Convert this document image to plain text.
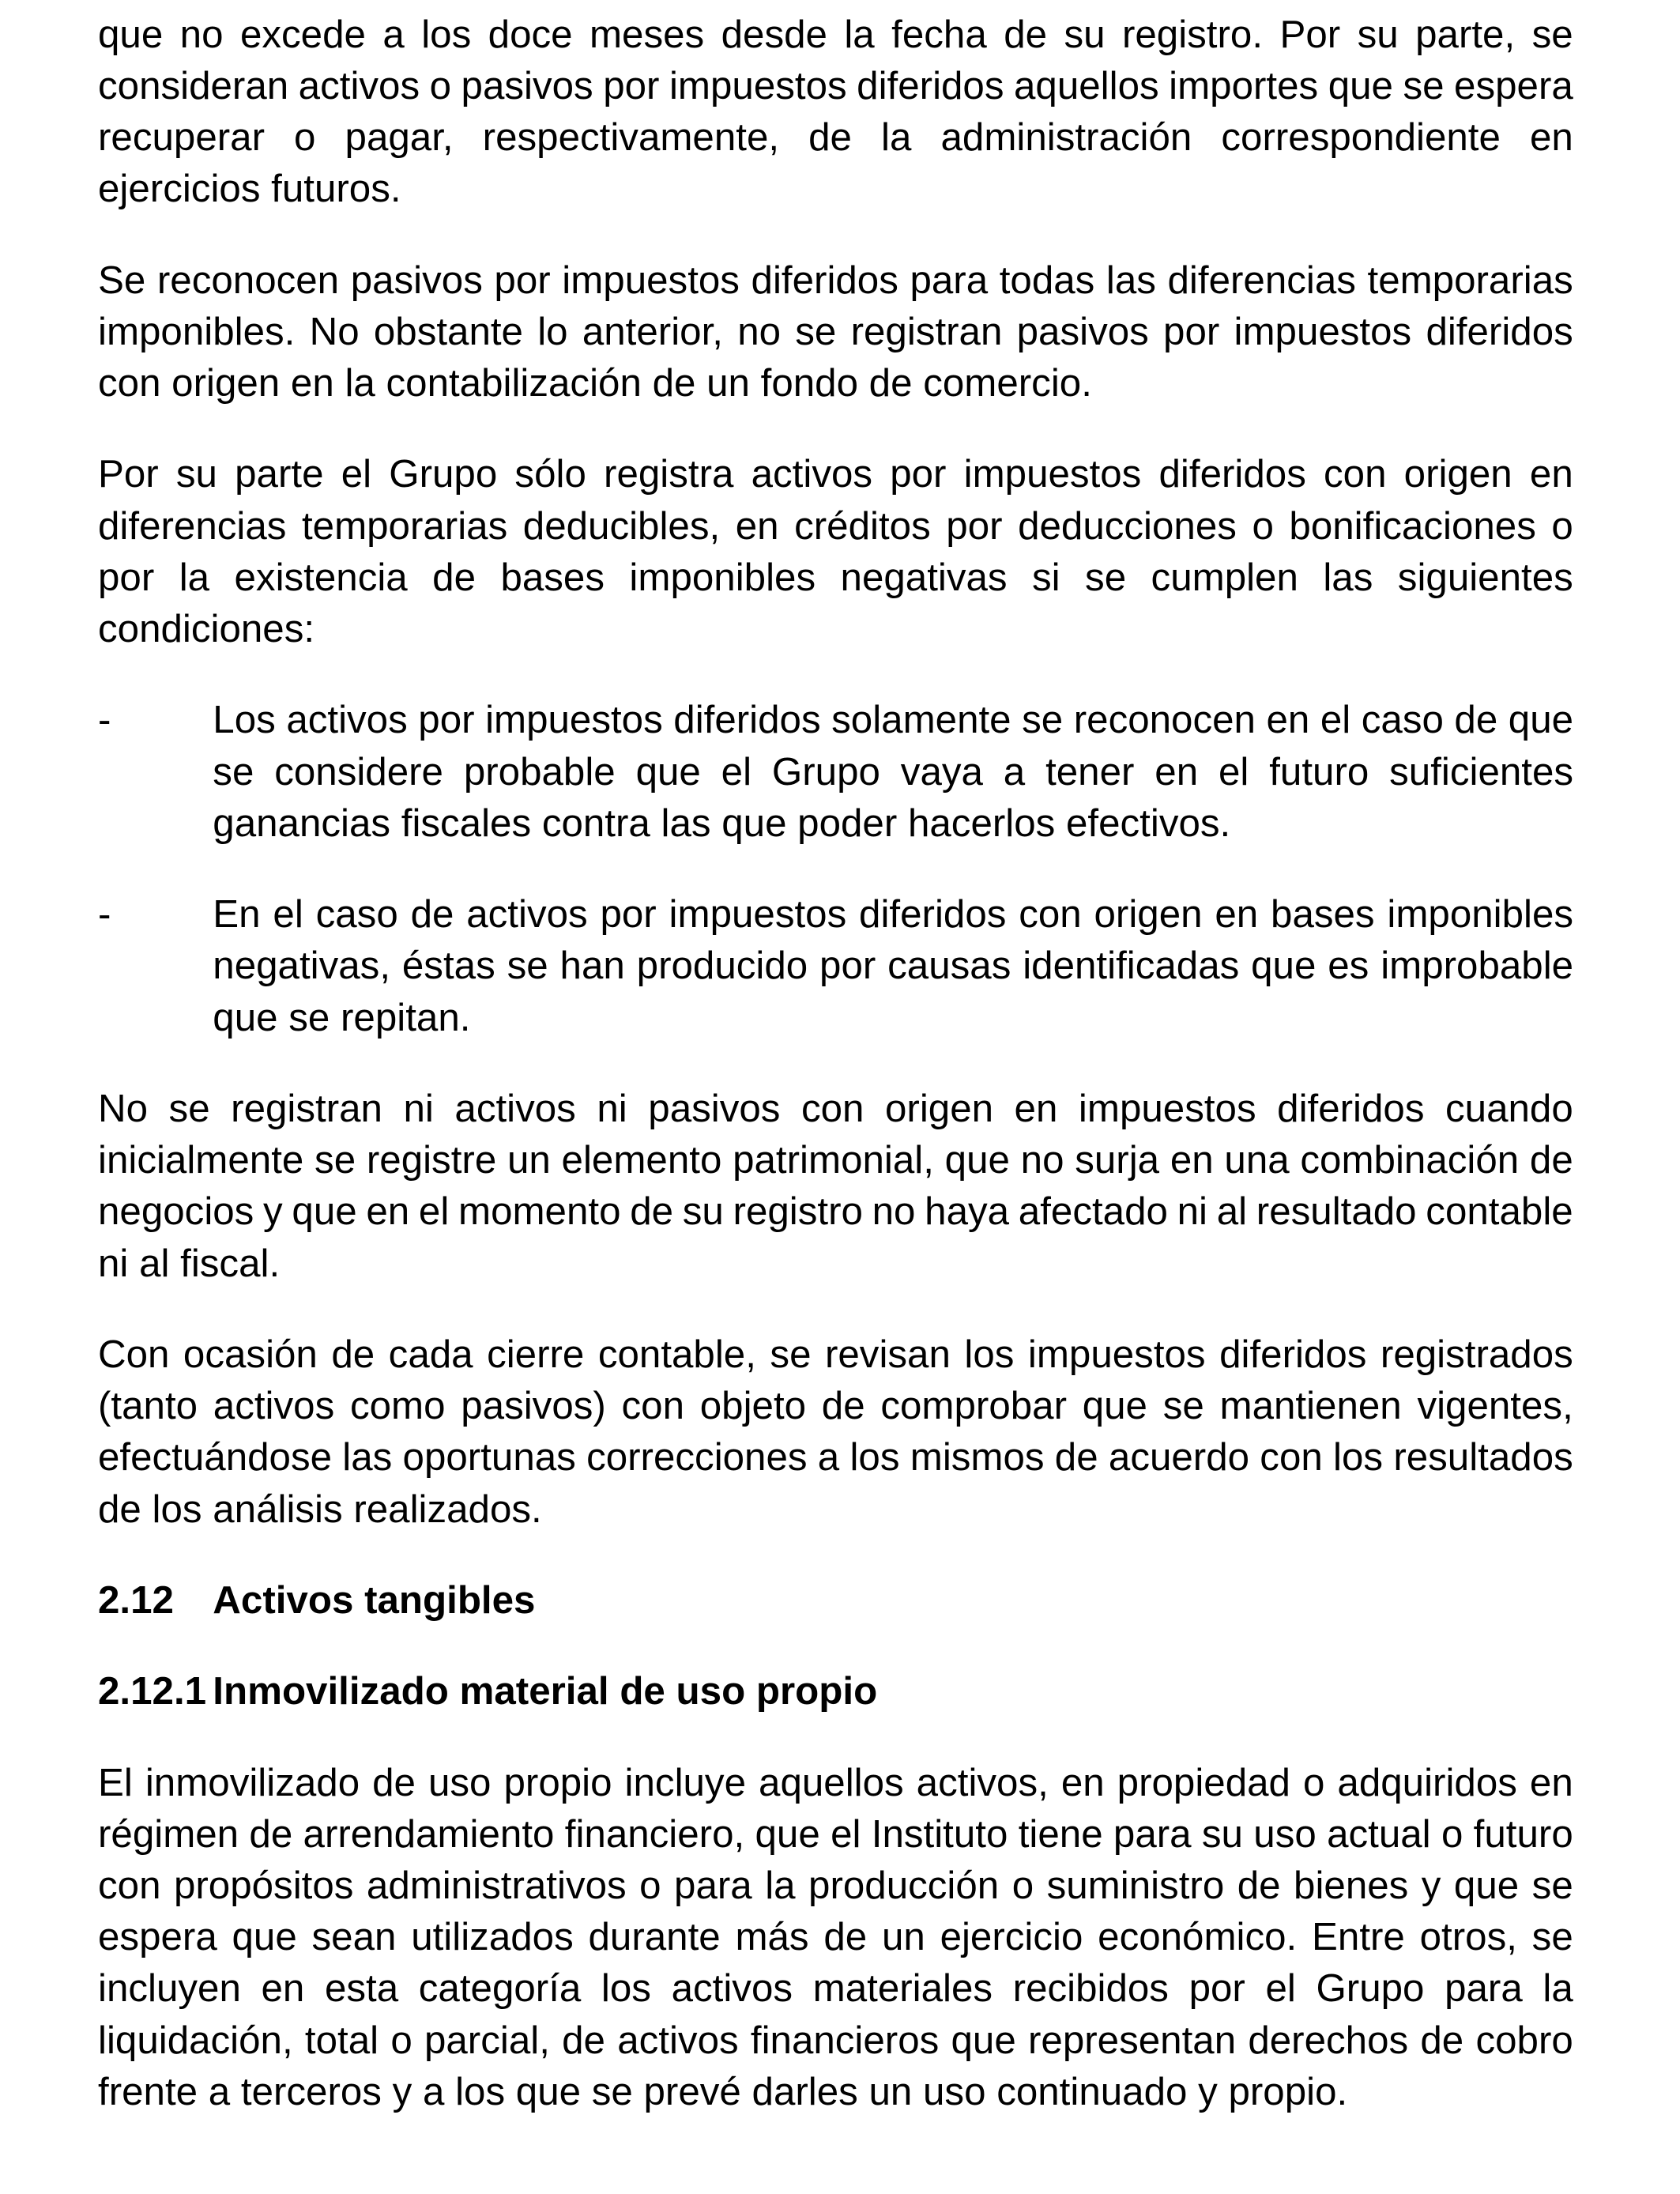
que no excede a los doce meses desde la fecha de su registro. Por su parte, se
consideran activos o pasivos por impuestos diferidos aquellos importes que se espera
recuperar o pagar, respectivamente, de la administración correspondiente en
ejercicios futuros.
Se reconocen pasivos por impuestos diferidos para todas las diferencias temporarias
imponibles. No obstante lo anterior, no se registran pasivos por impuestos diferidos
con origen en la contabilización de un fondo de comercio.
Por su parte el Grupo sólo registra activos por impuestos diferidos con origen en
diferencias temporarias deducibles, en créditos por deducciones o bonificaciones o
por la existencia de bases imponibles negativas si se cumplen las siguientes
condiciones:
-	Los activos por impuestos diferidos solamente se reconocen en el caso de que
se considere probable que el Grupo vaya a tener en el futuro suficientes
ganancias fiscales contra las que poder hacerlos efectivos.
-	En el caso de activos por impuestos diferidos con origen en bases imponibles
negativas, éstas se han producido por causas identificadas que es improbable
que se repitan.
No se registran ni activos ni pasivos con origen en impuestos diferidos cuando
inicialmente se registre un elemento patrimonial, que no surja en una combinación de
negocios y que en el momento de su registro no haya afectado ni al resultado contable
ni al fiscal.
Con ocasión de cada cierre contable, se revisan los impuestos diferidos registrados
(tanto activos como pasivos) con objeto de comprobar que se mantienen vigentes,
efectuándose las oportunas correcciones a los mismos de acuerdo con los resultados
de los análisis realizados.
2.12 Activos tangibles
2.12.1 Inmovilizado material de uso propio
El inmovilizado de uso propio incluye aquellos activos, en propiedad o adquiridos en
régimen de arrendamiento financiero, que el Instituto tiene para su uso actual o futuro
con propósitos administrativos o para la producción o suministro de bienes y que se
espera que sean utilizados durante más de un ejercicio económico. Entre otros, se
incluyen en esta categoría los activos materiales recibidos por el Grupo para la
liquidación, total o parcial, de activos financieros que representan derechos de cobro
frente a terceros y a los que se prevé darles un uso continuado y propio.
